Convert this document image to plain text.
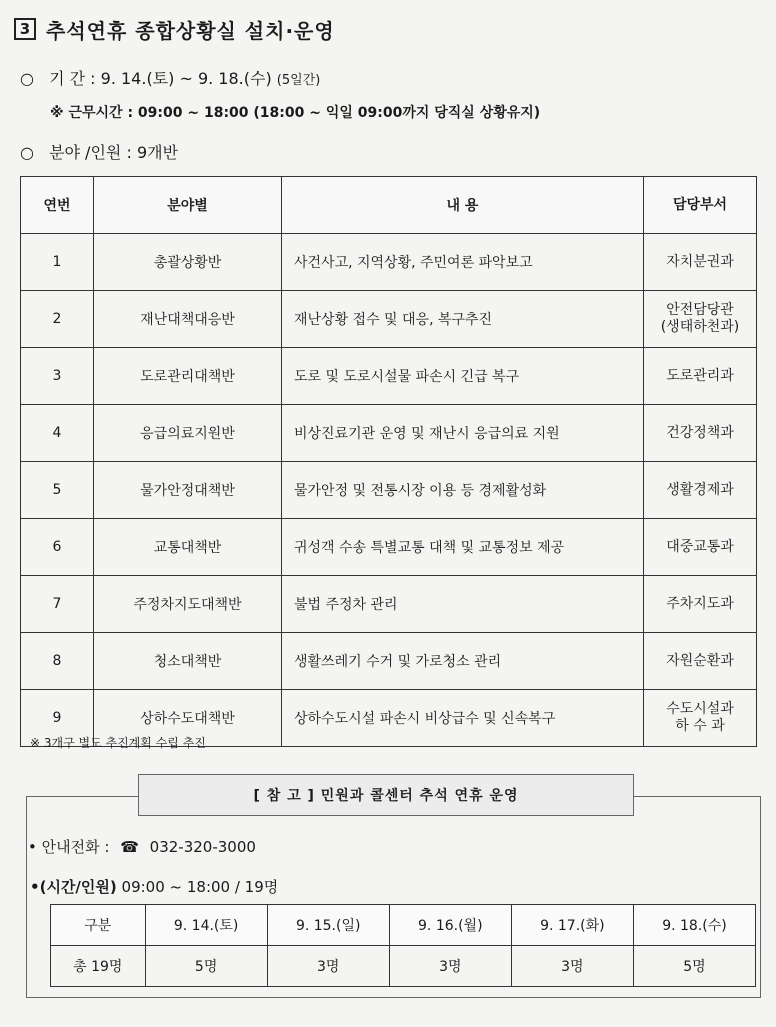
3 추석연휴 종합상황실 설치·운영
○ 기 간 : 9. 14.(토) ~ 9. 18.(수) (5일간)
※ 근무시간 : 09:00 ~ 18:00 (18:00 ~ 익일 09:00까지 당직실 상황유지)
○ 분야 /인원 : 9개반
연번	분야별	내 용	담당부서
1	총괄상황반	사건사고, 지역상황, 주민여론 파악보고	자치분권과
2	재난대책대응반	재난상황 접수 및 대응, 복구추진	안전담당관
(생태하천과)

3	도로관리대책반	도로 및 도로시설물 파손시 긴급 복구	도로관리과
4	응급의료지원반	비상진료기관 운영 및 재난시 응급의료 지원	건강정책과
5	물가안정대책반	물가안정 및 전통시장 이용 등 경제활성화	생활경제과
6	교통대책반	귀성객 수송 특별교통 대책 및 교통정보 제공	대중교통과
7	주정차지도대책반	불법 주정차 관리	주차지도과
8	청소대책반	생활쓰레기 수거 및 가로청소 관리	자원순환과
9	상하수도대책반	상하수도시설 파손시 비상급수 및 신속복구	수도시설과
하 수 과
※ 3개구 별도 추진계획 수립 추진
[ 참 고 ] 민원과 콜센터 추석 연휴 운영
• 안내전화 : ☎ 032-320-3000
•(시간/인원) 09:00 ~ 18:00 / 19명
구분	9. 14.(토)	9. 15.(일)	9. 16.(월)	9. 17.(화)	9. 18.(수)
총 19명	5명	3명	3명	3명	5명
